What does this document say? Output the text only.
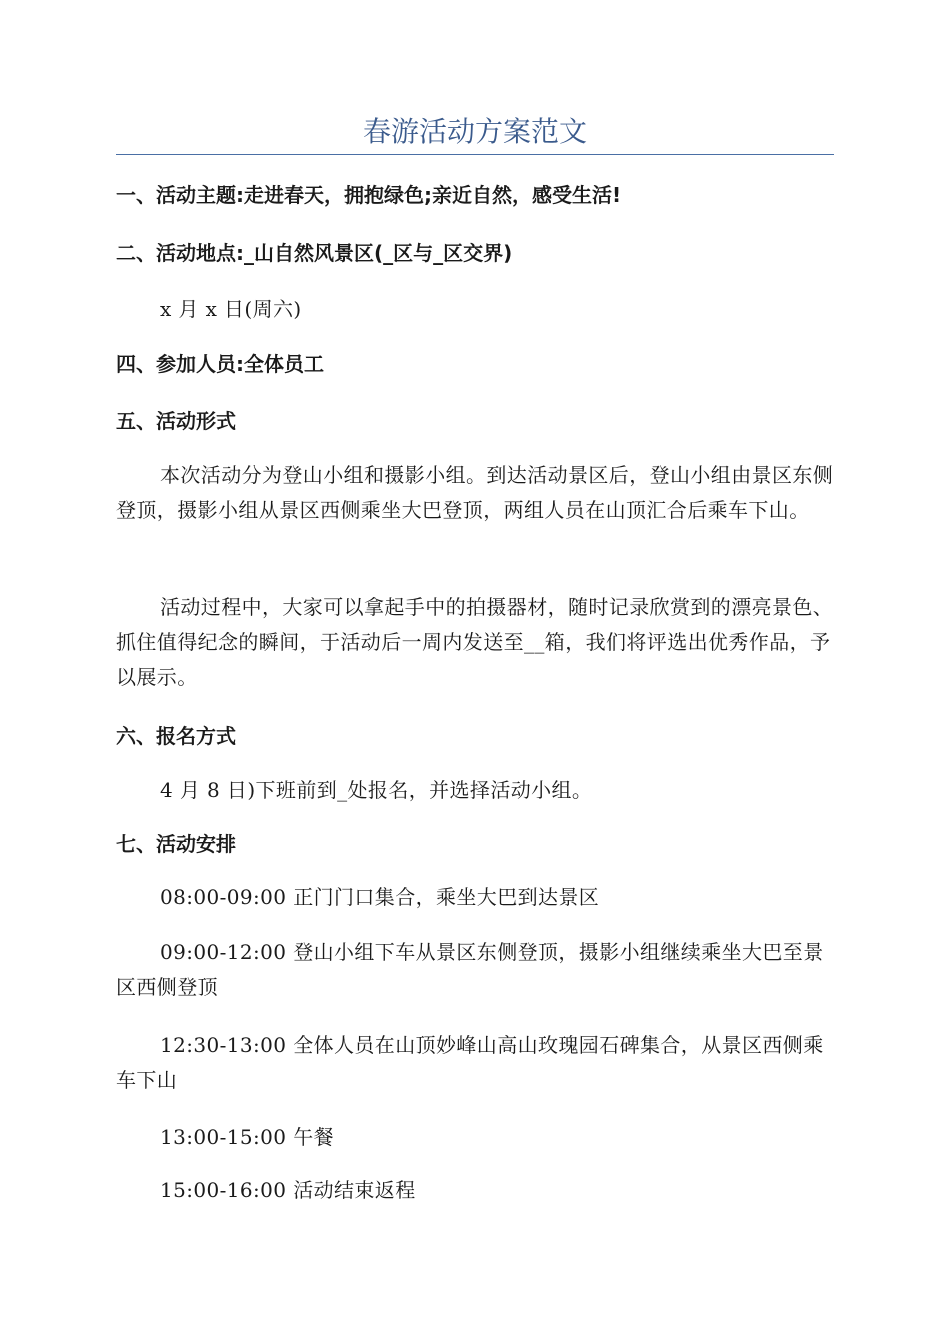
春游活动方案范文

一、活动主题:走进春天，拥抱绿色;亲近自然，感受生活!

二、活动地点:_山自然风景区(_区与_区交界)

x 月 x 日(周六)

四、参加人员:全体员工

五、活动形式

本次活动分为登山小组和摄影小组。到达活动景区后，登山小组由景区东侧登顶，摄影小组从景区西侧乘坐大巴登顶，两组人员在山顶汇合后乘车下山。

活动过程中，大家可以拿起手中的拍摄器材，随时记录欣赏到的漂亮景色、抓住值得纪念的瞬间，于活动后一周内发送至__箱，我们将评选出优秀作品，予以展示。

六、报名方式

4 月 8 日)下班前到_处报名，并选择活动小组。

七、活动安排

08:00-09:00 正门门口集合，乘坐大巴到达景区

09:00-12:00 登山小组下车从景区东侧登顶，摄影小组继续乘坐大巴至景区西侧登顶

12:30-13:00 全体人员在山顶妙峰山高山玫瑰园石碑集合，从景区西侧乘车下山

13:00-15:00 午餐

15:00-16:00 活动结束返程
